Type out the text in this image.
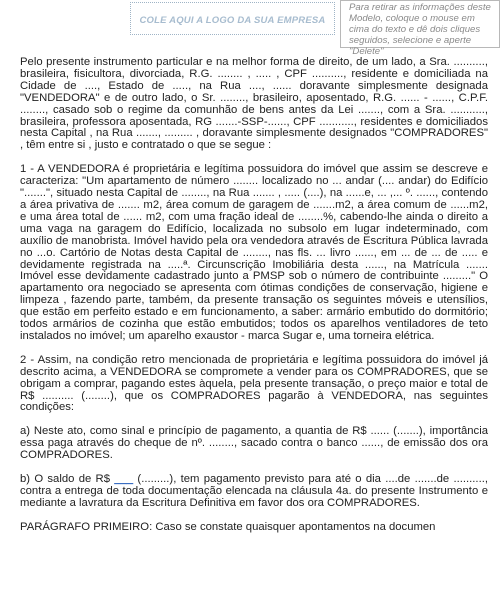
COLE AQUI A LOGO DA SUA EMPRESA
Para retirar as informações deste Modelo, coloque o mouse em cima do texto e dê dois cliques seguidos, selecione e aperte "Delete"

Pelo presente instrumento particular e na melhor forma de direito, de um lado, a Sra. .........., brasileira, fisicultora, divorciada, R.G. ........ , ..... , CPF .........., residente e domiciliada na Cidade de ...., Estado de ....., na Rua ...., ...... doravante simplesmente designada "VENDEDORA" e de outro lado, o Sr. ........, brasileiro, aposentado, R.G. ...... - ......, C.P.F. ........, casado sob o regime da comunhão de bens antes da Lei ......., com a Sra. ..........., brasileira, professora aposentada, RG .......-SSP-......, CPF ..........., residentes e domiciliados nesta Capital , na Rua ......., ......... , doravante simplesmente designados "COMPRADORES" , têm entre si , justo e contratado o que se segue :

1 - A VENDEDORA é proprietária e legítima possuidora do imóvel que assim se descreve e caracteriza: "Um apartamento de número ........ localizado no ... andar (.... andar) do Edifício ".......", situado nesta Capital de ........, na Rua ....... , ..... (....), na ......e, ... ,... º. ......, contendo a área privativa de ....... m2, área comum de garagem de .......m2, a área comum de ......m2, e uma área total de ...... m2, com uma fração ideal de ........%, cabendo-lhe ainda o direito a uma vaga na garagem do Edifício, localizada no subsolo em lugar indeterminado, com auxílio de manobrista. Imóvel havido pela ora vendedora através de Escritura Pública lavrada no ...o. Cartório de Notas desta Capital de ........, nas fls. ... livro ......, em ... de ... de ..... e devidamente registrada na .....ª. Circunscrição Imobiliária desta ......, na Matrícula ....... Imóvel esse devidamente cadastrado junto a PMSP sob o número de contribuinte ........." O apartamento ora negociado se apresenta com ótimas condições de conservação, higiene e limpeza , fazendo parte, também, da presente transação os seguintes móveis e utensílios, que estão em perfeito estado e em funcionamento, a saber: armário embutido do dormitório; todos armários de cozinha que estão embutidos; todos os aparelhos ventiladores de teto instalados no imóvel; um aparelho exaustor - marca Sugar e, uma torneira elétrica.

2 - Assim, na condição retro mencionada de proprietária e legítima possuidora do imóvel já descrito acima, a VENDEDORA se compromete a vender para os COMPRADORES, que se obrigam a comprar, pagando estes àquela, pela presente transação, o preço maior e total de R$ .......... (........), que os COMPRADORES pagarão à VENDEDORA, nas seguintes condições:

a) Neste ato, como sinal e princípio de pagamento, a quantia de R$ ...... (.......), importância essa paga através do cheque de nº. ........, sacado contra o banco ......, de emissão dos ora COMPRADORES.

b) O saldo de R$ ___ (.........), tem pagamento previsto para até o dia ....de .......de .........., contra a entrega de toda documentação elencada na cláusula 4a. do presente Instrumento e mediante a lavratura da Escritura Definitiva em favor dos ora COMPRADORES.

PARÁGRAFO PRIMEIRO: Caso se constate quaisquer apontamentos na documen
